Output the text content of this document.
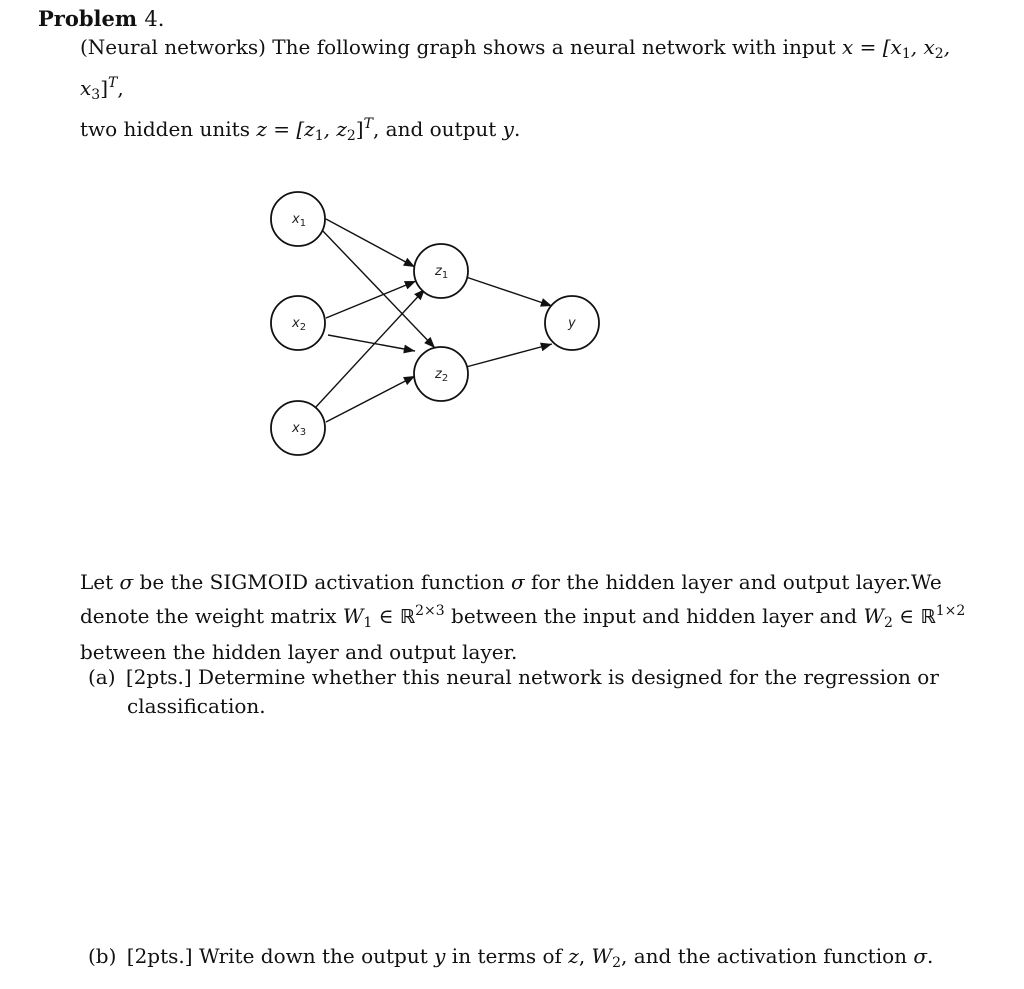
Problem 4.
(Neural networks) The following graph shows a neural network with input $x = [x_1$, $x_2$, $x_3]^T$,
two hidden units $z = [z_1$, $z_2]^T$, and output y.
$x_1$
$x_2$
$x_3$
$z_1$
$z_2$
y
Let σ be the SIGMOID activation function σ for the hidden layer and output layer.We
denote the weight matrix $W_1$ ∈ ℝ$^{2\times 3}$ between the input and hidden layer and $W_2$ ∈ ℝ$^{1\times 2}$
between the hidden layer and output layer.
(a) [2pts.] Determine whether this neural network is designed for the regression or
classification.
(b) [2pts.] Write down the output y in terms of z, $W_2$, and the activation function σ.
